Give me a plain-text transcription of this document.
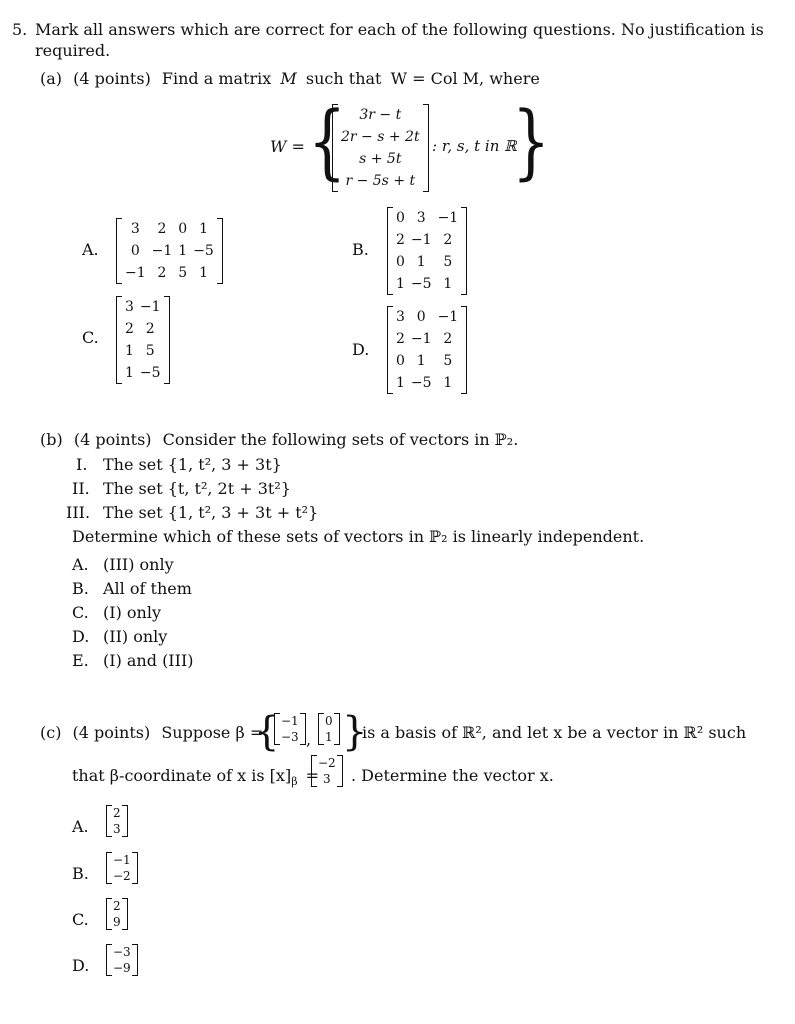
5. Mark all answers which are correct for each of the following questions. No justification is
required.
(a) (4 points) Find a matrix M such that W = Col M, where
W = { 3r − t
2r − s + 2t
s + 5t
r − 5s + t
: r, s, t in ℝ
}
A.
3	2	0	1
0	−1	1	−5
−1	2	5	1
B.
0	3	−1
2	−1	2
0	1	5
1	−5	1
C.
3	−1
2	2
1	5
1	−5
D.
3	0	−1
2	−1	2
0	1	5
1	−5	1
(b) (4 points) Consider the following sets of vectors in ℙ₂.
I. The set {1, t², 3 + 3t}
II. The set {t, t², 2t + 3t²}
III. The set {1, t², 3 + 3t + t²}
Determine which of these sets of vectors in ℙ₂ is linearly independent.
A. (III) only
B. All of them
C. (I) only
D. (II) only
E. (I) and (III)
(c) (4 points) Suppose β =
{ −1
−3 ,
0
1 }
is a basis of ℝ², and let x be a vector in ℝ² such
that β-coordinate of x is $[x]_\beta$ =
−2
3 . Determine the vector x.
A.
2
3
B.
−1
−2
C.
2
9
D.
−3
−9
